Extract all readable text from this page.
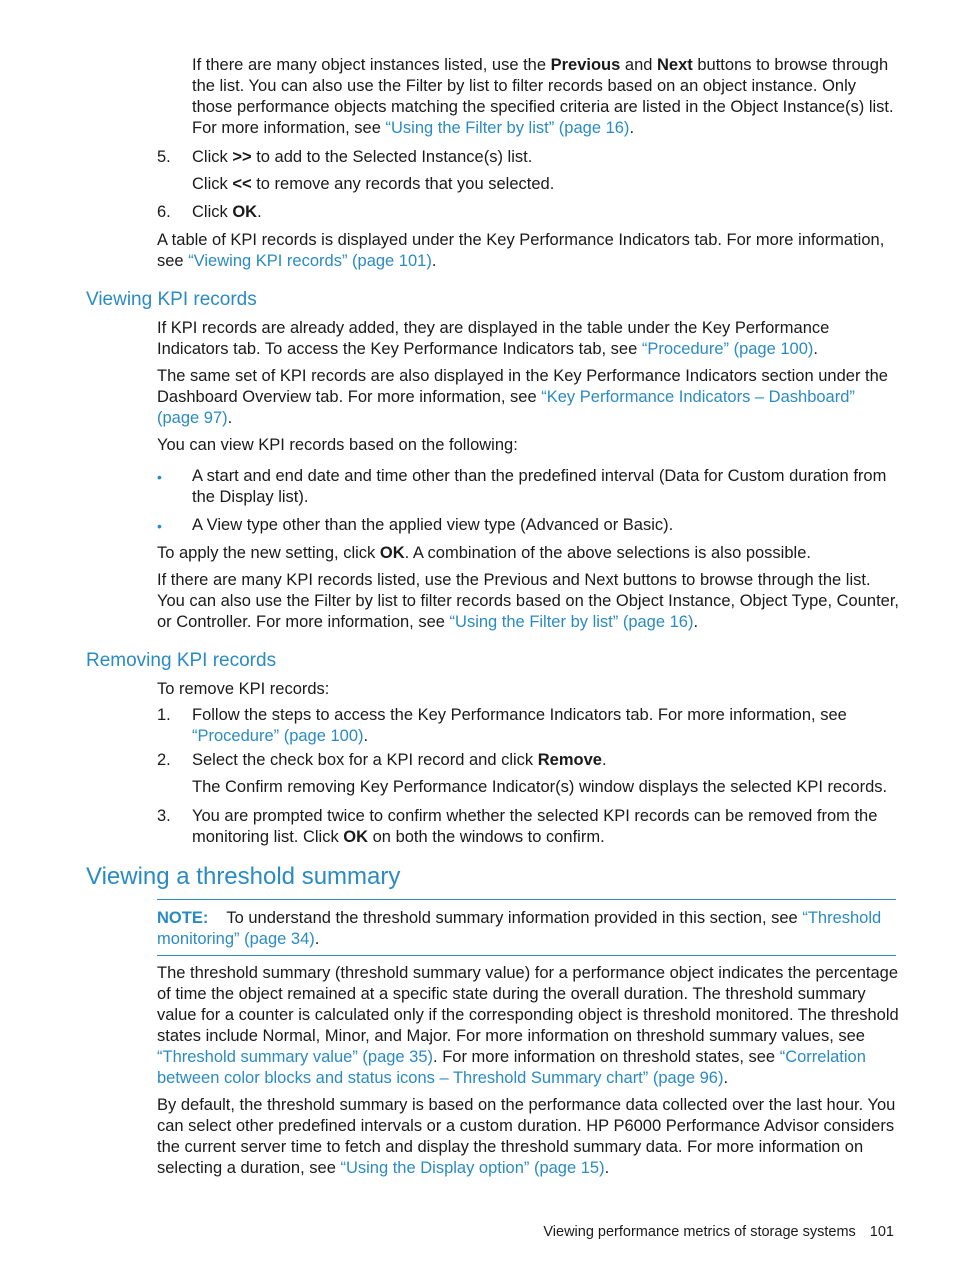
If there are many object instances listed, use the Previous and Next buttons to browse through the list. You can also use the Filter by list to filter records based on an object instance. Only those performance objects matching the specified criteria are listed in the Object Instance(s) list. For more information, see “Using the Filter by list” (page 16).

5. Click >> to add to the Selected Instance(s) list.

Click << to remove any records that you selected.

6. Click OK.

A table of KPI records is displayed under the Key Performance Indicators tab. For more information, see “Viewing KPI records” (page 101).

Viewing KPI records

If KPI records are already added, they are displayed in the table under the Key Performance Indicators tab. To access the Key Performance Indicators tab, see “Procedure” (page 100).

The same set of KPI records are also displayed in the Key Performance Indicators section under the Dashboard Overview tab. For more information, see “Key Performance Indicators – Dashboard” (page 97).

You can view KPI records based on the following:

• A start and end date and time other than the predefined interval (Data for Custom duration from the Display list).

• A View type other than the applied view type (Advanced or Basic).

To apply the new setting, click OK. A combination of the above selections is also possible.

If there are many KPI records listed, use the Previous and Next buttons to browse through the list. You can also use the Filter by list to filter records based on the Object Instance, Object Type, Counter, or Controller. For more information, see “Using the Filter by list” (page 16).

Removing KPI records

To remove KPI records:

1. Follow the steps to access the Key Performance Indicators tab. For more information, see “Procedure” (page 100).

2. Select the check box for a KPI record and click Remove.

The Confirm removing Key Performance Indicator(s) window displays the selected KPI records.

3. You are prompted twice to confirm whether the selected KPI records can be removed from the monitoring list. Click OK on both the windows to confirm.

Viewing a threshold summary

NOTE: To understand the threshold summary information provided in this section, see “Threshold monitoring” (page 34).

The threshold summary (threshold summary value) for a performance object indicates the percentage of time the object remained at a specific state during the overall duration. The threshold summary value for a counter is calculated only if the corresponding object is threshold monitored. The threshold states include Normal, Minor, and Major. For more information on threshold summary values, see “Threshold summary value” (page 35). For more information on threshold states, see “Correlation between color blocks and status icons – Threshold Summary chart” (page 96).

By default, the threshold summary is based on the performance data collected over the last hour. You can select other predefined intervals or a custom duration. HP P6000 Performance Advisor considers the current server time to fetch and display the threshold summary data. For more information on selecting a duration, see “Using the Display option” (page 15).

Viewing performance metrics of storage systems 101
